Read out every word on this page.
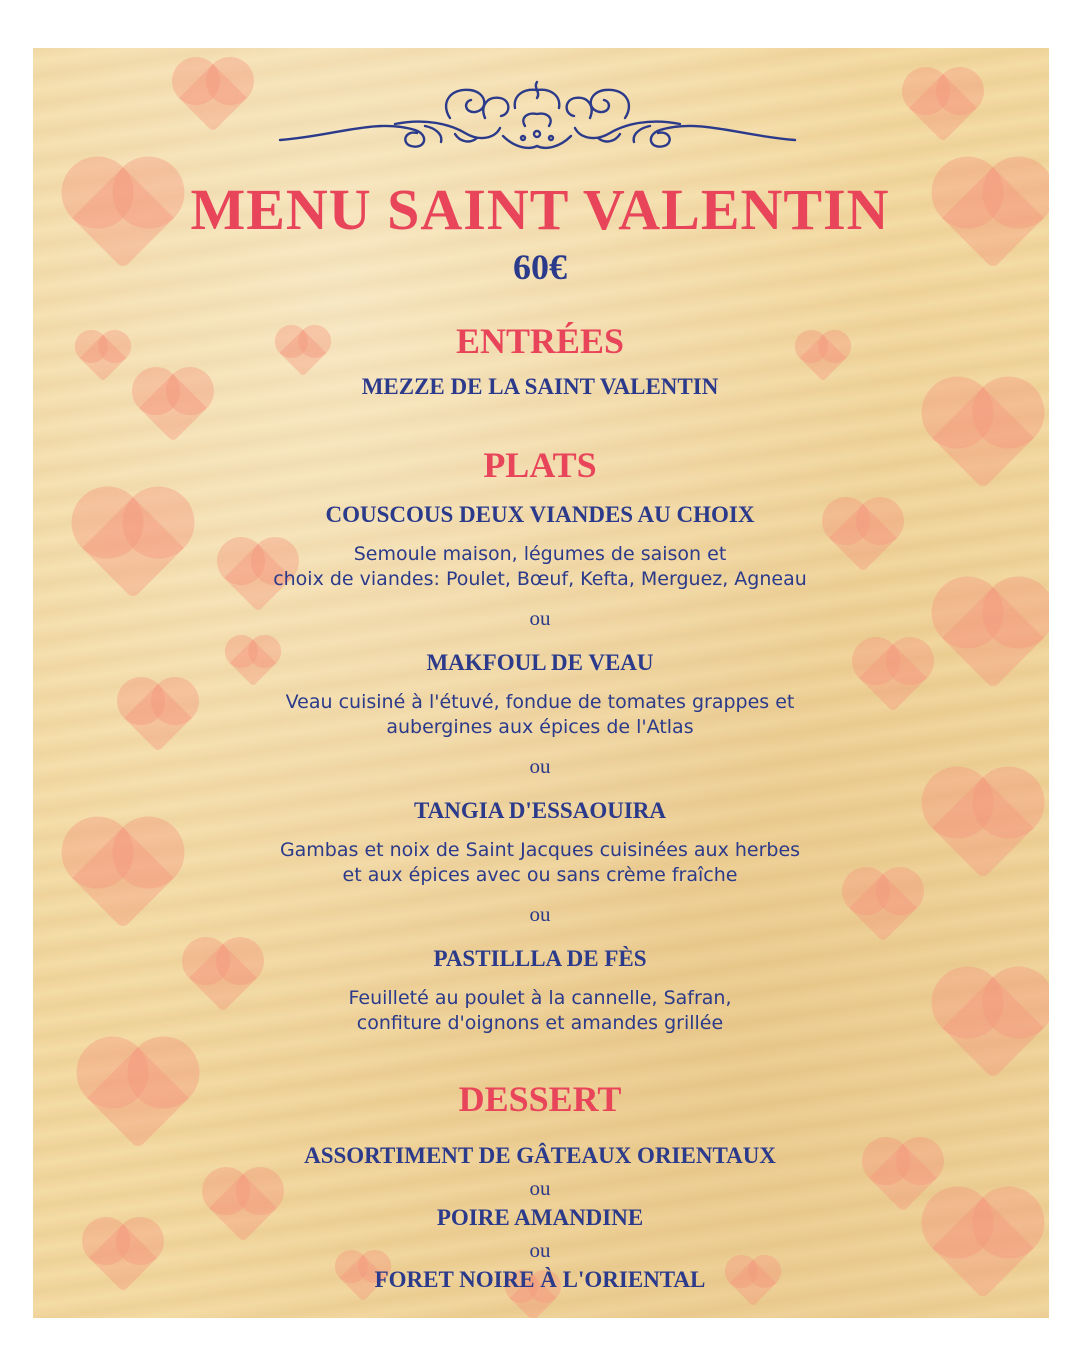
MENU SAINT VALENTIN
60€
ENTRÉES
MEZZE DE LA SAINT VALENTIN
PLATS
COUSCOUS DEUX VIANDES AU CHOIX
Semoule maison, légumes de saison et
choix de viandes: Poulet, Bœuf, Kefta, Merguez, Agneau
ou
MAKFOUL DE VEAU
Veau cuisiné à l'étuvé, fondue de tomates grappes et
aubergines aux épices de l'Atlas
ou
TANGIA D'ESSAOUIRA
Gambas et noix de Saint Jacques cuisinées aux herbes
et aux épices avec ou sans crème fraîche
ou
PASTILLLA DE FÈS
Feuilleté au poulet à la cannelle, Safran,
confiture d'oignons et amandes grillée
DESSERT
ASSORTIMENT DE GÂTEAUX ORIENTAUX
ou
POIRE AMANDINE
ou
FORET NOIRE À L'ORIENTAL
